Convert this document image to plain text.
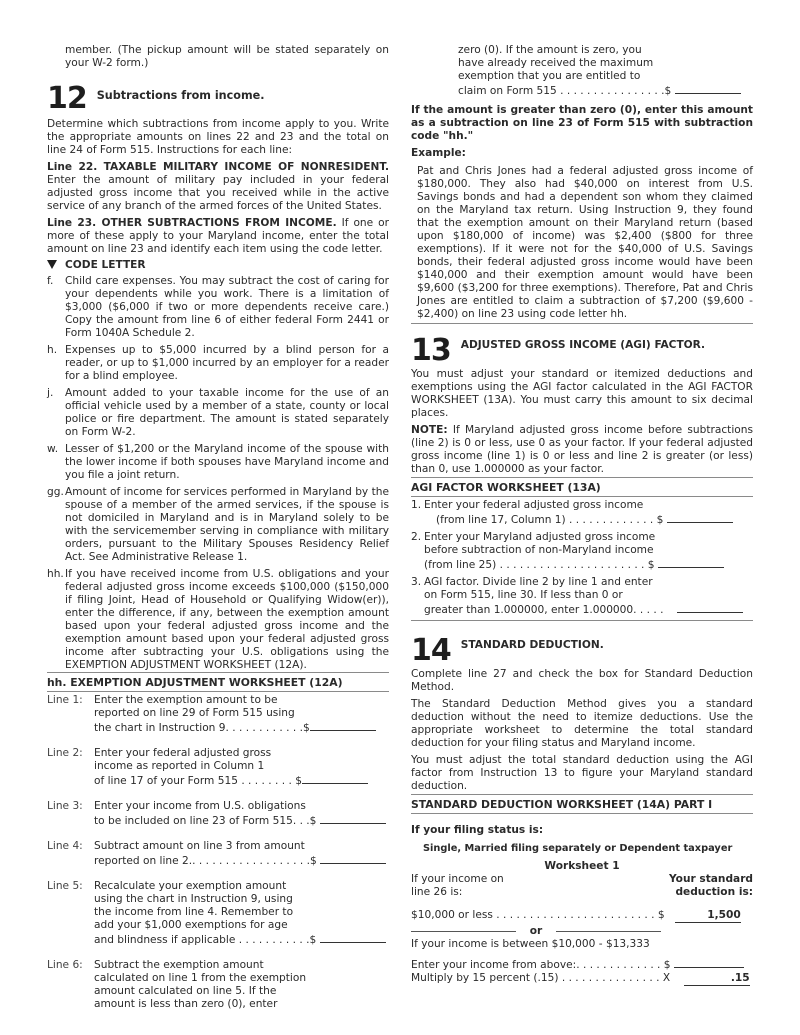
member. (The pickup amount will be stated separately on your W-2 form.)

12 Subtractions from income.

Determine which subtractions from income apply to you. Write the appropriate amounts on lines 22 and 23 and the total on line 24 of Form 515. Instructions for each line:

Line 22. TAXABLE MILITARY INCOME OF NONRESIDENT. Enter the amount of military pay included in your federal adjusted gross income that you received while in the active service of any branch of the armed forces of the United States.

Line 23. OTHER SUBTRACTIONS FROM INCOME. If one or more of these apply to your Maryland income, enter the total amount on line 23 and identify each item using the code letter.

CODE LETTER
f.	Child care expenses. You may subtract the cost of caring for your dependents while you work. There is a limitation of $3,000 ($6,000 if two or more dependents receive care.) Copy the amount from line 6 of either federal Form 2441 or Form 1040A Schedule 2.
h. Expenses up to $5,000 incurred by a blind person for a reader, or up to $1,000 incurred by an employer for a reader for a blind employee.
j.	Amount added to your taxable income for the use of an official vehicle used by a member of a state, county or local police or fire department. The amount is stated separately on Form W-2.
w. Lesser of $1,200 or the Maryland income of the spouse with the lower income if both spouses have Maryland income and you file a joint return.
gg. Amount of income for services performed in Maryland by the spouse of a member of the armed services, if the spouse is not domiciled in Maryland and is in Maryland solely to be with the servicemember serving in compliance with military orders, pursuant to the Military Spouses Residency Relief Act. See Administrative Release 1.
hh. If you have received income from U.S. obligations and your federal adjusted gross income exceeds $100,000 ($150,000 if filing Joint, Head of Household or Qualifying Widow(er)), enter the difference, if any, between the exemption amount based upon your federal adjusted gross income and the exemption amount based upon your federal adjusted gross income after subtracting your U.S. obligations using the EXEMPTION ADJUSTMENT WORKSHEET (12A).
hh. EXEMPTION ADJUSTMENT WORKSHEET (12A)
Line 1:	Enter the exemption amount to be
reported on line 29 of Form 515 using
the chart in Instruction 9. . . . . . . . . . . .$
Line 2:	Enter your federal adjusted gross
income as reported in Column 1
of line 17 of your Form 515 . . . . . . . . $
Line 3:	Enter your income from U.S. obligations
to be included on line 23 of Form 515. . .$
Line 4:	Subtract amount on line 3 from amount
reported on line 2.. . . . . . . . . . . . . . . . . .$
Line 5:	Recalculate your exemption amount
using the chart in Instruction 9, using
the income from line 4. Remember to
add your $1,000 exemptions for age
and blindness if applicable . . . . . . . . . . .$
Line 6:	Subtract the exemption amount
calculated on line 1 from the exemption
amount calculated on line 5. If the
amount is less than zero (0), enter
zero (0). If the amount is zero, you
have already received the maximum
exemption that you are entitled to
claim on Form 515 . . . . . . . . . . . . . . . .$

If the amount is greater than zero (0), enter this amount as a subtraction on line 23 of Form 515 with subtraction code "hh."

Example:

Pat and Chris Jones had a federal adjusted gross income of $180,000. They also had $40,000 on interest from U.S. Savings bonds and had a dependent son whom they claimed on the Maryland tax return. Using Instruction 9, they found that the exemption amount on their Maryland return (based upon $180,000 of income) was $2,400 ($800 for three exemptions). If it were not for the $40,000 of U.S. Savings bonds, their federal adjusted gross income would have been $140,000 and their exemption amount would have been $9,600 ($3,200 for three exemptions). Therefore, Pat and Chris Jones are entitled to claim a subtraction of $7,200 ($9,600 - $2,400) on line 23 using code letter hh.

13 ADJUSTED GROSS INCOME (AGI) FACTOR.

You must adjust your standard or itemized deductions and exemptions using the AGI factor calculated in the AGI FACTOR WORKSHEET (13A). You must carry this amount to six decimal places.

NOTE: If Maryland adjusted gross income before subtractions (line 2) is 0 or less, use 0 as your factor. If your federal adjusted gross income (line 1) is 0 or less and line 2 is greater (or less) than 0, use 1.000000 as your factor.

AGI FACTOR WORKSHEET (13A)
1. Enter your federal adjusted gross income
(from line 17, Column 1) . . . . . . . . . . . . . $
2. Enter your Maryland adjusted gross income
before subtraction of non-Maryland income
(from line 25) . . . . . . . . . . . . . . . . . . . . . . $
3. AGI factor. Divide line 2 by line 1 and enter
on Form 515, line 30. If less than 0 or
greater than 1.000000, enter 1.000000. . . . .
14 STANDARD DEDUCTION.

Complete line 27 and check the box for Standard Deduction Method.

The Standard Deduction Method gives you a standard deduction without the need to itemize deductions. Use the appropriate worksheet to determine the total standard deduction for your filing status and Maryland income.

You must adjust the total standard deduction using the AGI factor from Instruction 13 to figure your Maryland standard deduction.

STANDARD DEDUCTION WORKSHEET (14A) PART I
If your filing status is:
Single, Married filing separately or Dependent taxpayer
Worksheet 1
If your income on
line 26 is:
Your standard
deduction is:
$10,000 or less . . . . . . . . . . . . . . . . . . . . . . . . $	1,500
or
If your income is between $10,000 - $13,333
Enter your income from above:. . . . . . . . . . . . . $
Multiply by 15 percent (.15) . . . . . . . . . . . . . . . X	.15
